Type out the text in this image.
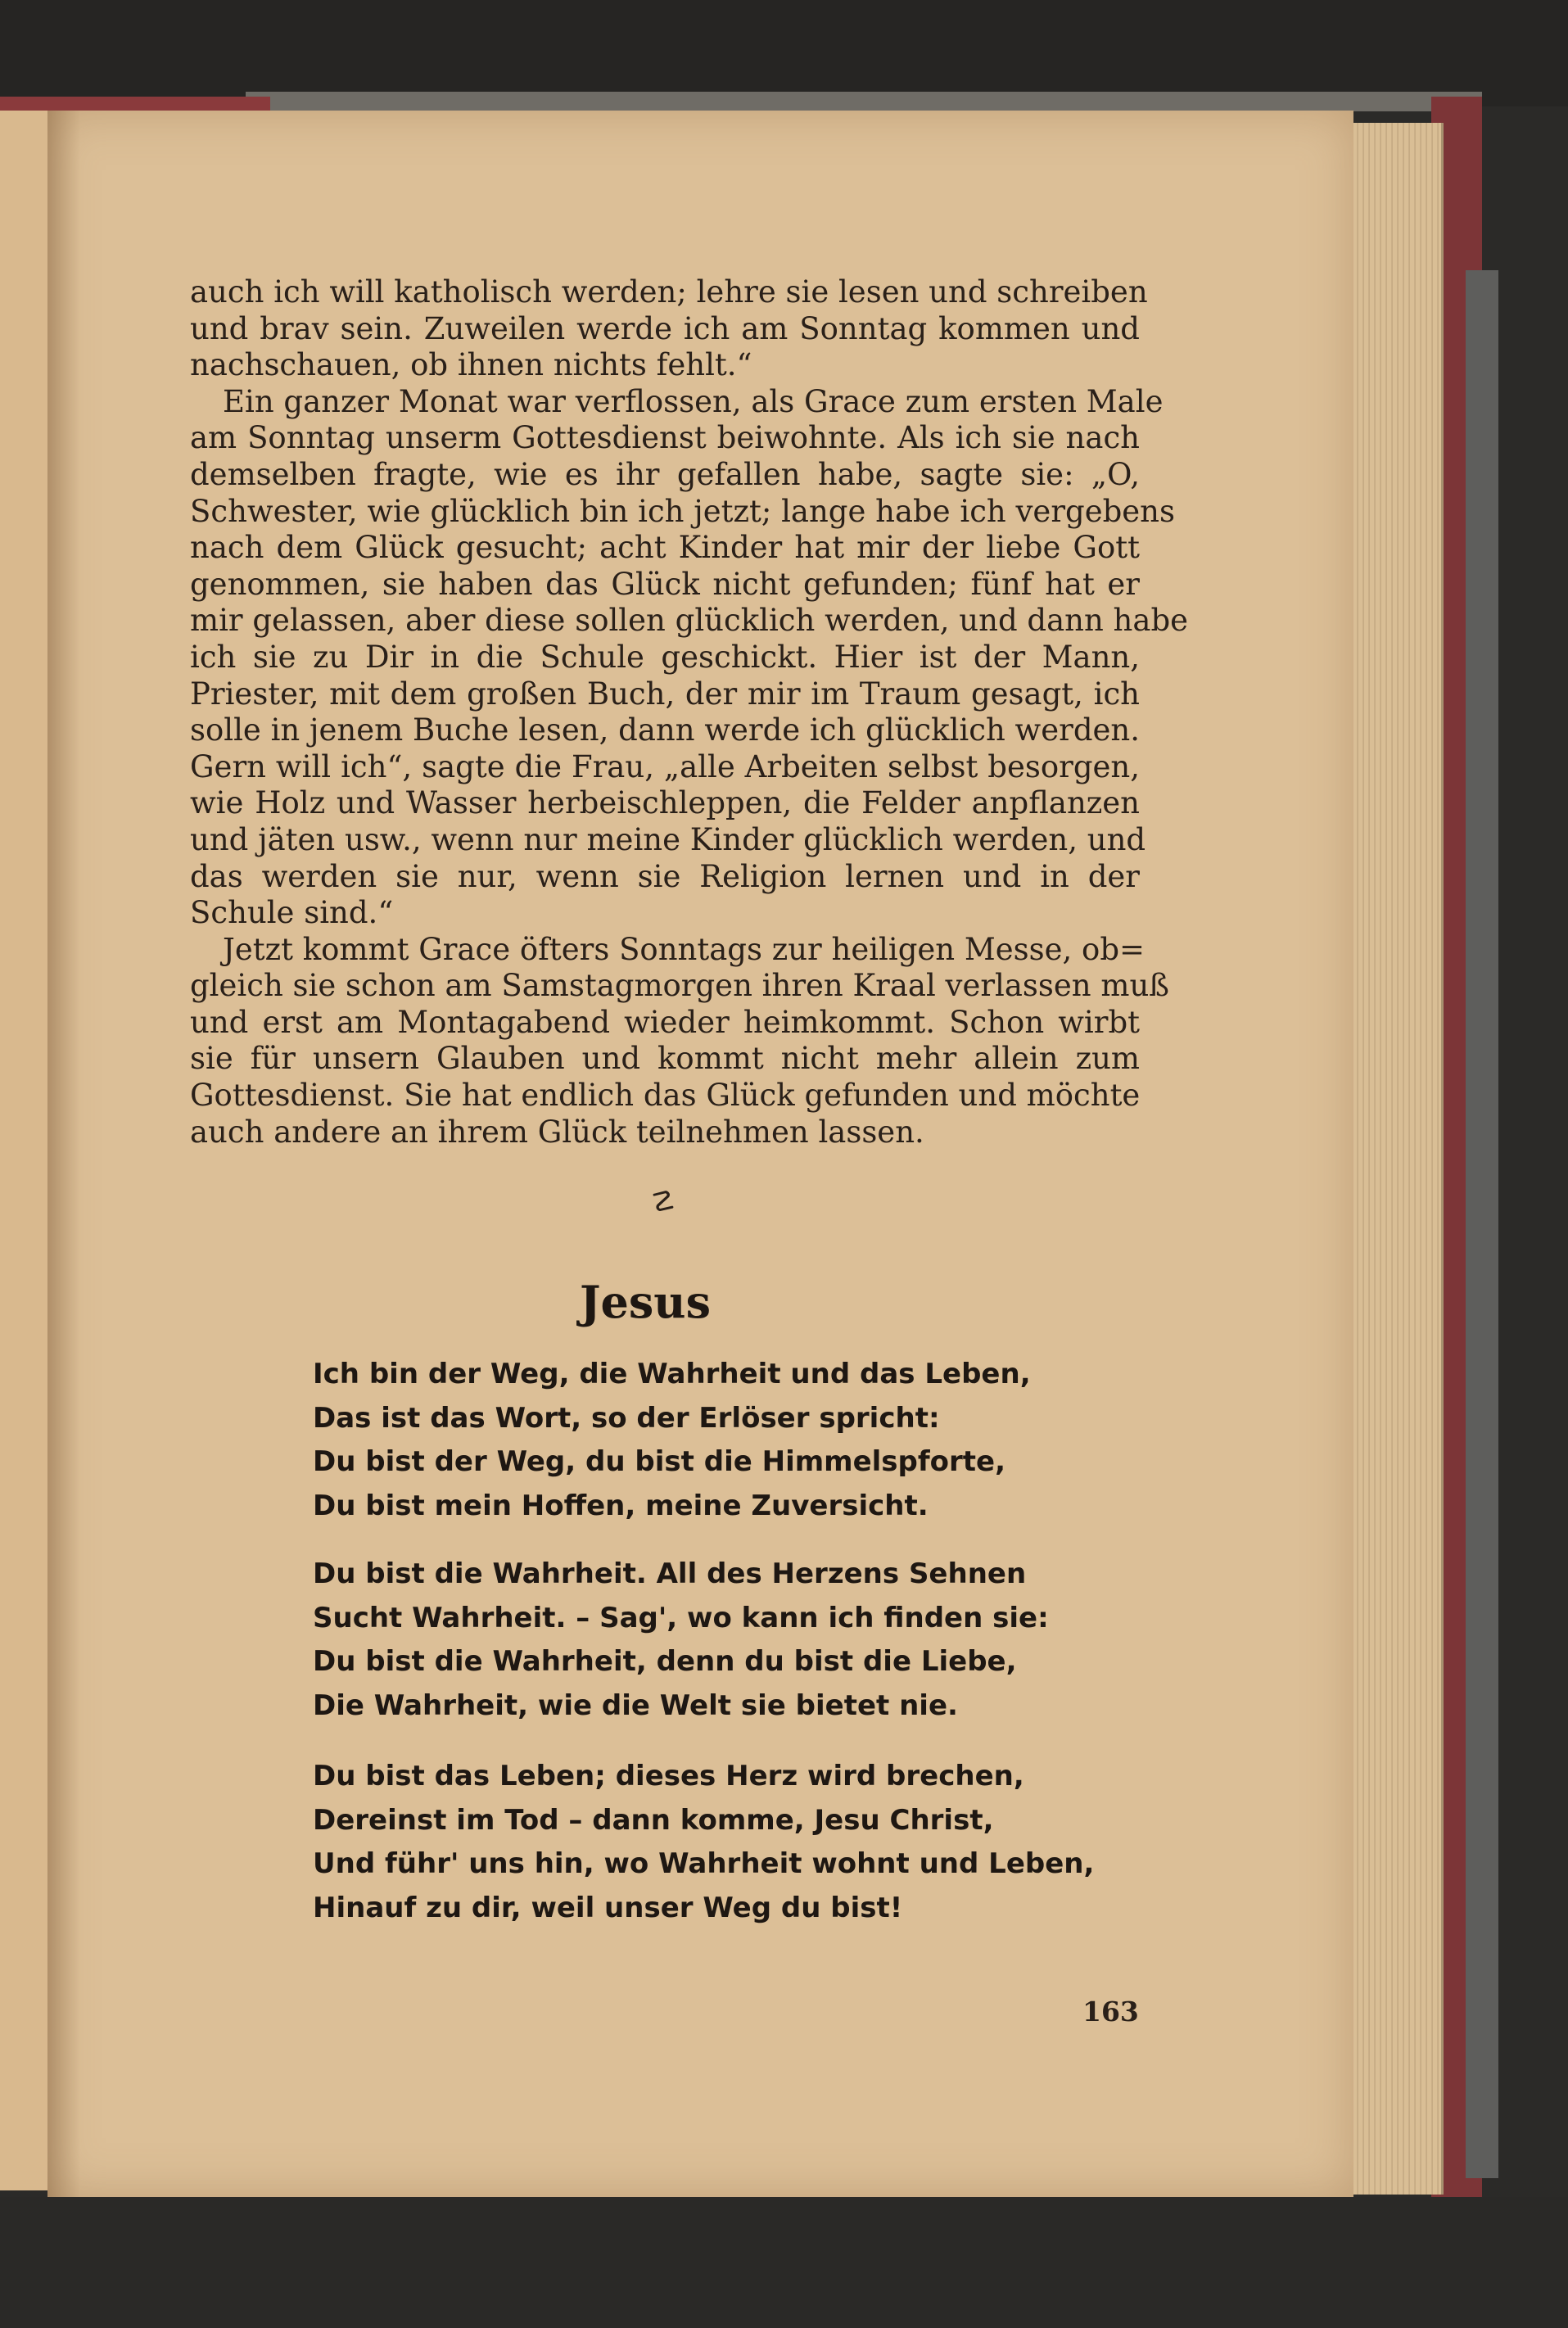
auch ich will katholisch werden; lehre sie lesen und schreiben
und brav sein. Zuweilen werde ich am Sonntag kommen und
nachschauen, ob ihnen nichts fehlt.“

Ein ganzer Monat war verflossen, als Grace zum ersten Male
am Sonntag unserm Gottesdienst beiwohnte. Als ich sie nach
demselben fragte, wie es ihr gefallen habe, sagte sie: „O,
Schwester, wie glücklich bin ich jetzt; lange habe ich vergebens
nach dem Glück gesucht; acht Kinder hat mir der liebe Gott
genommen, sie haben das Glück nicht gefunden; fünf hat er
mir gelassen, aber diese sollen glücklich werden, und dann habe
ich sie zu Dir in die Schule geschickt. Hier ist der Mann,
Priester, mit dem großen Buch, der mir im Traum gesagt, ich
solle in jenem Buche lesen, dann werde ich glücklich werden.
Gern will ich“, sagte die Frau, „alle Arbeiten selbst besorgen,
wie Holz und Wasser herbeischleppen, die Felder anpflanzen
und jäten usw., wenn nur meine Kinder glücklich werden, und
das werden sie nur, wenn sie Religion lernen und in der
Schule sind.“

Jetzt kommt Grace öfters Sonntags zur heiligen Messe, ob=
gleich sie schon am Samstagmorgen ihren Kraal verlassen muß
und erst am Montagabend wieder heimkommt. Schon wirbt
sie für unsern Glauben und kommt nicht mehr allein zum
Gottesdienst. Sie hat endlich das Glück gefunden und möchte
auch andere an ihrem Glück teilnehmen lassen.

☡
Jesus
Ich bin der Weg, die Wahrheit und das Leben,
Das ist das Wort, so der Erlöser spricht:
Du bist der Weg, du bist die Himmelspforte,
Du bist mein Hoffen, meine Zuversicht.
Du bist die Wahrheit. All des Herzens Sehnen
Sucht Wahrheit. – Sag', wo kann ich finden sie:
Du bist die Wahrheit, denn du bist die Liebe,
Die Wahrheit, wie die Welt sie bietet nie.
Du bist das Leben; dieses Herz wird brechen,
Dereinst im Tod – dann komme, Jesu Christ,
Und führ' uns hin, wo Wahrheit wohnt und Leben,
Hinauf zu dir, weil unser Weg du bist!
163
